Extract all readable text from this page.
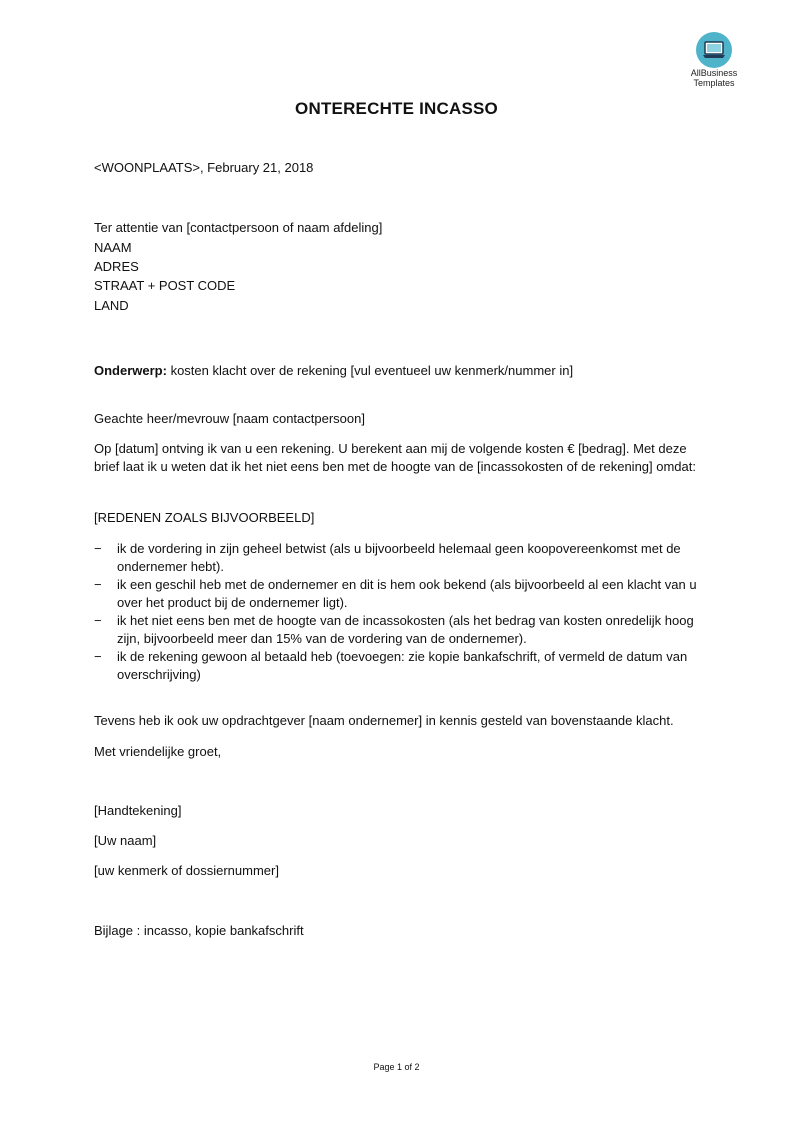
AllBusiness
Templates
ONTERECHTE INCASSO
<WOONPLAATS>, February 21, 2018
Ter attentie van [contactpersoon of naam afdeling]
NAAM
ADRES
STRAAT + POST CODE
LAND
Onderwerp: kosten klacht over de rekening [vul eventueel uw kenmerk/nummer in]
Geachte heer/mevrouw [naam contactpersoon]
Op [datum] ontving ik van u een rekening. U berekent aan mij de volgende kosten € [bedrag]. Met deze brief laat ik u weten dat ik het niet eens ben met de hoogte van de [incassokosten of de rekening] omdat:
[REDENEN ZOALS BIJVOORBEELD]
− ik de vordering in zijn geheel betwist (als u bijvoorbeeld helemaal geen koopovereenkomst met de ondernemer hebt).
− ik een geschil heb met de ondernemer en dit is hem ook bekend (als bijvoorbeeld al een klacht van u over het product bij de ondernemer ligt).
− ik het niet eens ben met de hoogte van de incassokosten (als het bedrag van kosten onredelijk hoog zijn, bijvoorbeeld meer dan 15% van de vordering van de ondernemer).
− ik de rekening gewoon al betaald heb (toevoegen: zie kopie bankafschrift, of vermeld de datum van overschrijving)
Tevens heb ik ook uw opdrachtgever [naam ondernemer] in kennis gesteld van bovenstaande klacht.
Met vriendelijke groet,
[Handtekening]
[Uw naam]
[uw kenmerk of dossiernummer]
Bijlage : incasso, kopie bankafschrift
Page 1 of 2
